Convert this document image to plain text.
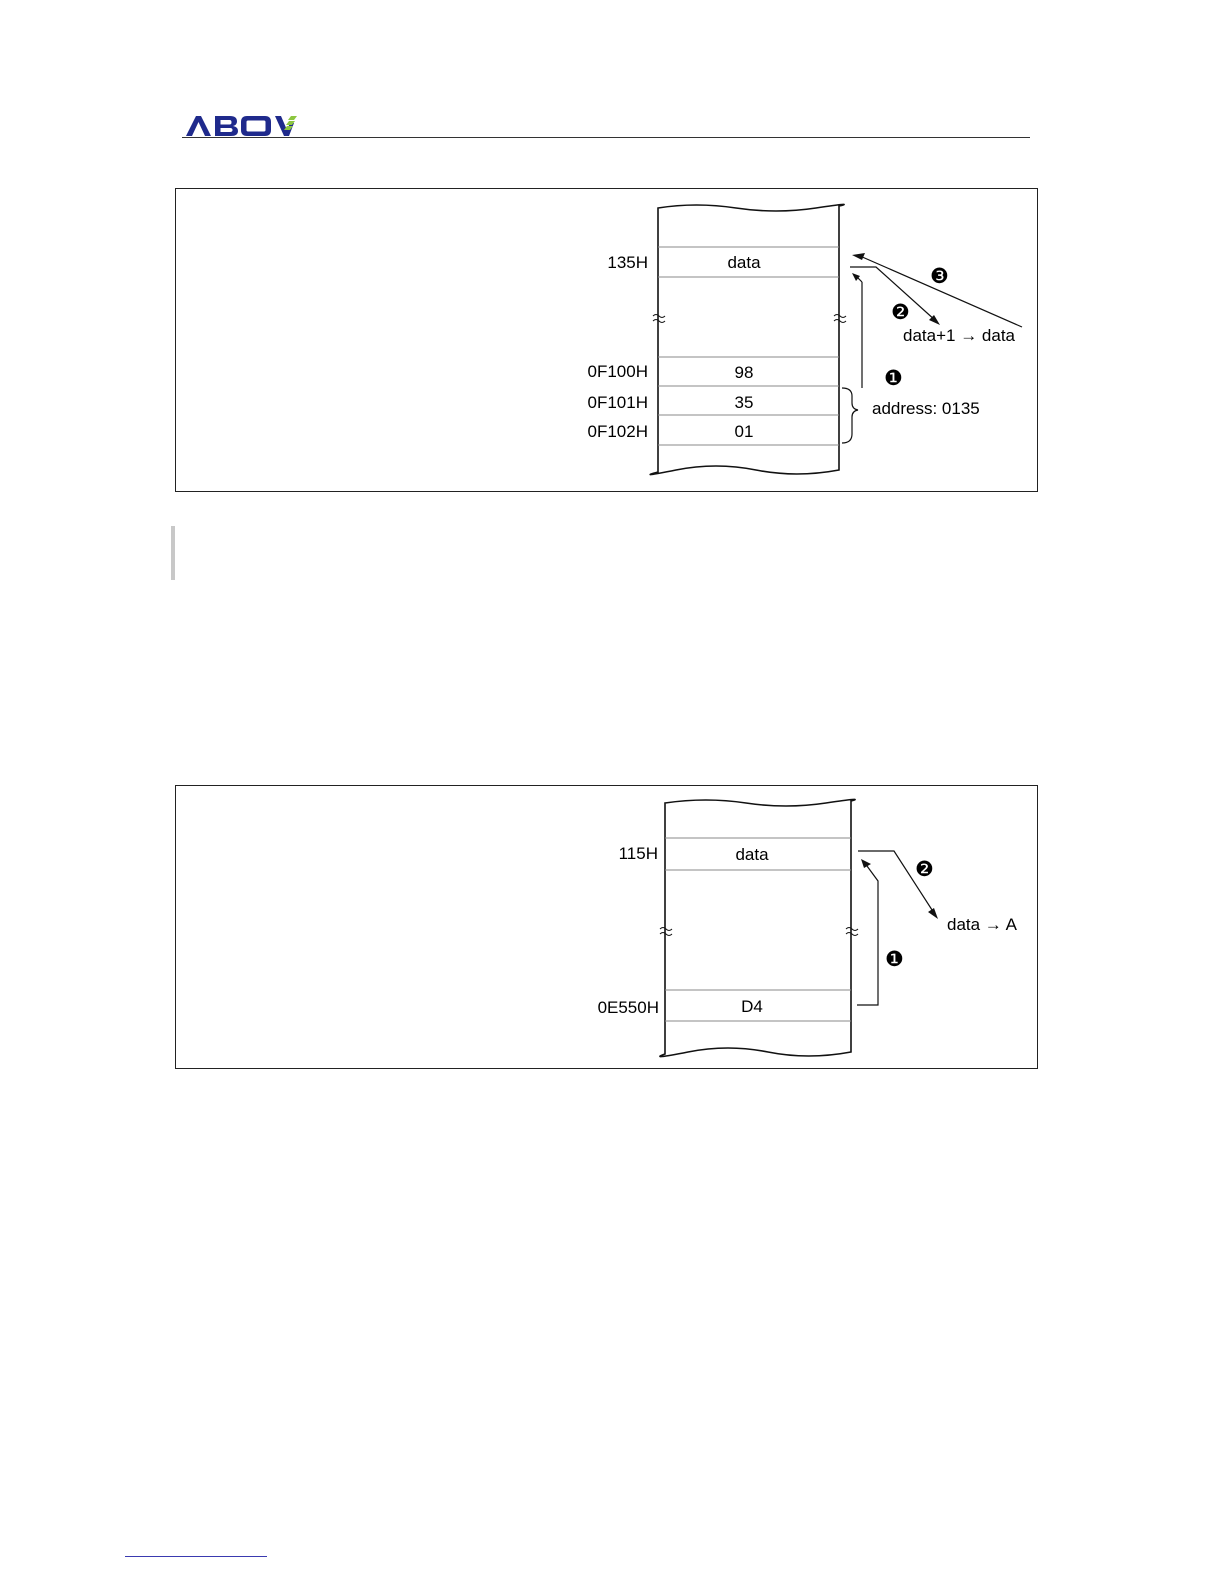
135H
0F100H
0F101H
0F102H
data
98
35
01
❶
❷
❸
address: 0135
data+1 → data
115H
0E550H
data
D4
❶
❷
data → A
